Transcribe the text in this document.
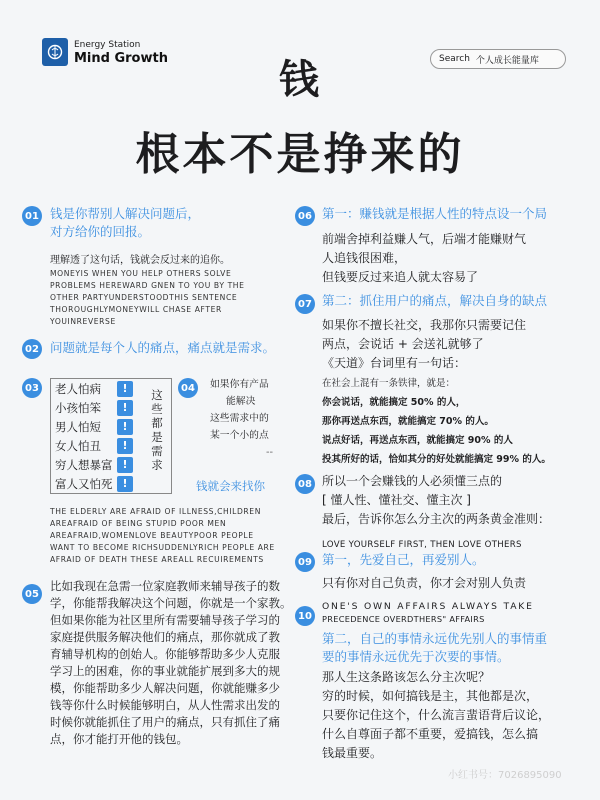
Energy Station
Mind Growth	Search 个人成长能量库
钱
根本不是挣来的
01 钱是你帮别人解决问题后，
对方给你的回报。
理解透了这句话，钱就会反过来的追你。
MONEYIS WHEN YOU HELP OTHERS SOLVE
PROBLEMS HEREWARD GNEN TO YOU BY THE
OTHER PARTYUNDERSTOODTHIS SENTENCE
THOROUGHLYMONEYWILL CHASE AFTER
YOUINREVERSE
02 问题就是每个人的痛点，痛点就是需求。
03 老人怕病	!
小孩怕笨	!
男人怕短	!
女人怕丑	!
穷人想暴富 !
富人又怕死 !
这
些
都
是
需
求
04	如果你有产品
能解决
这些需求中的
某一个小的点
--
钱就会来找你
THE ELDERLY ARE AFRAID OF ILLNESS,CHILDREN
AREAFRAID OF BEING STUPID POOR MEN
AREAFRAID,WOMENLOVE BEAUTYPOOR PEOPLE
WANT TO BECOME RICHSUDDENLYRICH PEOPLE ARE
AFRAID OF DEATH THESE AREALL RECUIREMENTS
05
比如我现在急需一位家庭教师来辅导孩子的数
学，你能帮我解决这个问题，你就是一个家教。
但如果你能为社区里所有需要辅导孩子学习的
家庭提供服务解决他们的痛点，那你就成了教
育辅导机构的创始人。你能够帮助多少人克服
学习上的困难，你的事业就能扩展到多大的规
模，你能帮助多少人解决问题，你就能赚多少
钱等你什么时候能够明白，从人性需求出发的
时候你就能抓住了用户的痛点，只有抓住了痛
点，你才能打开他的钱包。
06 第一：赚钱就是根据人性的特点设一个局
前端舍掉利益赚人气，后端才能赚财气
人追钱很困难，
但钱要反过来追人就太容易了
07 第二：抓住用户的痛点，解决自身的缺点
如果你不擅长社交，我那你只需要记住
两点，会说话 + 会送礼就够了
《天道》台词里有一句话：
在社会上混有一条铁律，就是：
你会说话，就能搞定 50% 的人，
那你再送点东西，就能搞定 70% 的人。
说点好话，再送点东西，就能搞定 90% 的人
投其所好的话，恰如其分的好处就能搞定 99% 的人。
08 所以一个会赚钱的人必须懂三点的
[ 懂人性、懂社交、懂主次 ]
最后，告诉你怎么分主次的两条黄金准则：
LOVE YOURSELF FIRST, THEN LOVE OTHERS
09 第一，先爱自己，再爱别人。
只有你对自己负责，你才会对别人负责
10
ONE'S OWN AFFAIRS ALWAYS TAKE
PRECEDENCE OVERDTHERS" AFFAIRS
第二，自己的事情永远优先别人的事情重
要的事情永远优先于次要的事情。
那人生这条路该怎么分主次呢？
穷的时候，如何搞钱是主，其他都是次，
只要你记住这个，什么流言蜚语背后议论，
什么自尊面子都不重要，爱搞钱，怎么搞
钱最重要。
小红书号：7026895090
